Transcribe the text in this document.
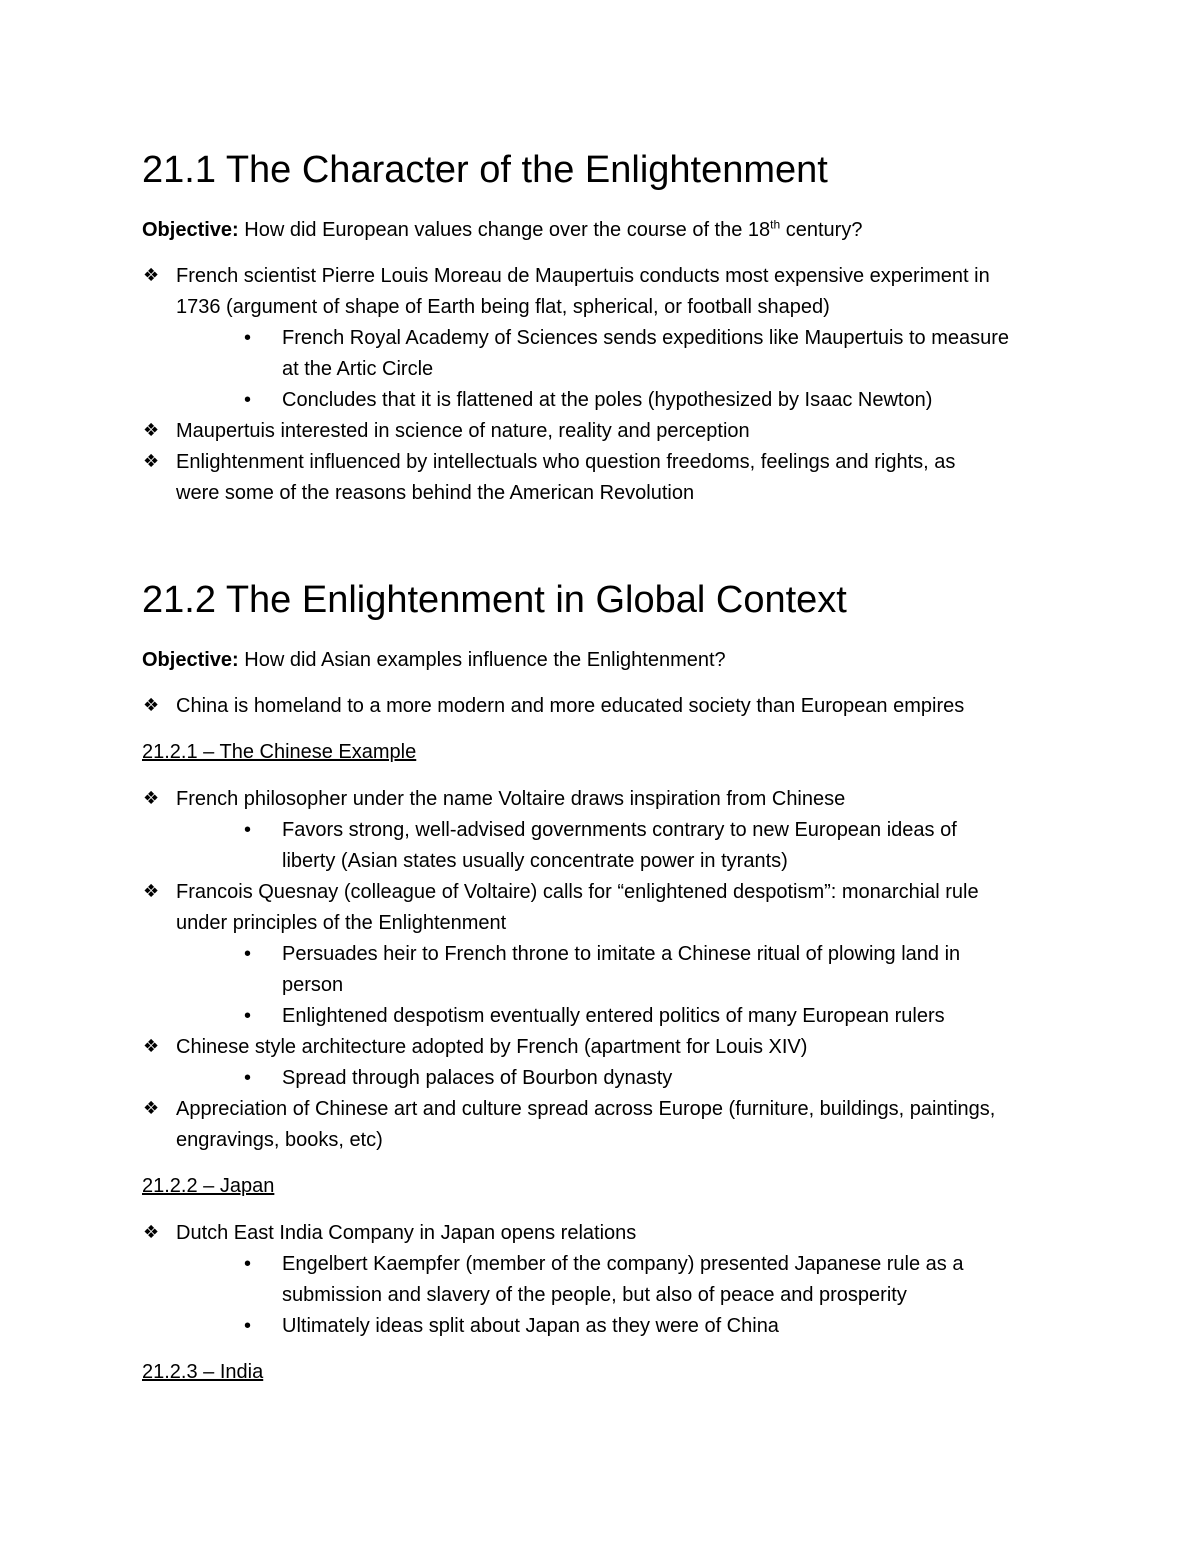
21.1 The Character of the Enlightenment
Objective: How did European values change over the course of the 18th century?
❖ French scientist Pierre Louis Moreau de Maupertuis conducts most expensive experiment in
1736 (argument of shape of Earth being flat, spherical, or football shaped)
• French Royal Academy of Sciences sends expeditions like Maupertuis to measure
at the Artic Circle
• Concludes that it is flattened at the poles (hypothesized by Isaac Newton)
❖ Maupertuis interested in science of nature, reality and perception
❖ Enlightenment influenced by intellectuals who question freedoms, feelings and rights, as
were some of the reasons behind the American Revolution
21.2 The Enlightenment in Global Context
Objective: How did Asian examples influence the Enlightenment?
❖ China is homeland to a more modern and more educated society than European empires
21.2.1 – The Chinese Example
❖ French philosopher under the name Voltaire draws inspiration from Chinese
• Favors strong, well-advised governments contrary to new European ideas of
liberty (Asian states usually concentrate power in tyrants)
❖ Francois Quesnay (colleague of Voltaire) calls for “enlightened despotism”: monarchial rule
under principles of the Enlightenment
• Persuades heir to French throne to imitate a Chinese ritual of plowing land in
person
• Enlightened despotism eventually entered politics of many European rulers
❖ Chinese style architecture adopted by French (apartment for Louis XIV)
• Spread through palaces of Bourbon dynasty
❖ Appreciation of Chinese art and culture spread across Europe (furniture, buildings, paintings,
engravings, books, etc)
21.2.2 – Japan
❖ Dutch East India Company in Japan opens relations
• Engelbert Kaempfer (member of the company) presented Japanese rule as a
submission and slavery of the people, but also of peace and prosperity
• Ultimately ideas split about Japan as they were of China
21.2.3 – India
